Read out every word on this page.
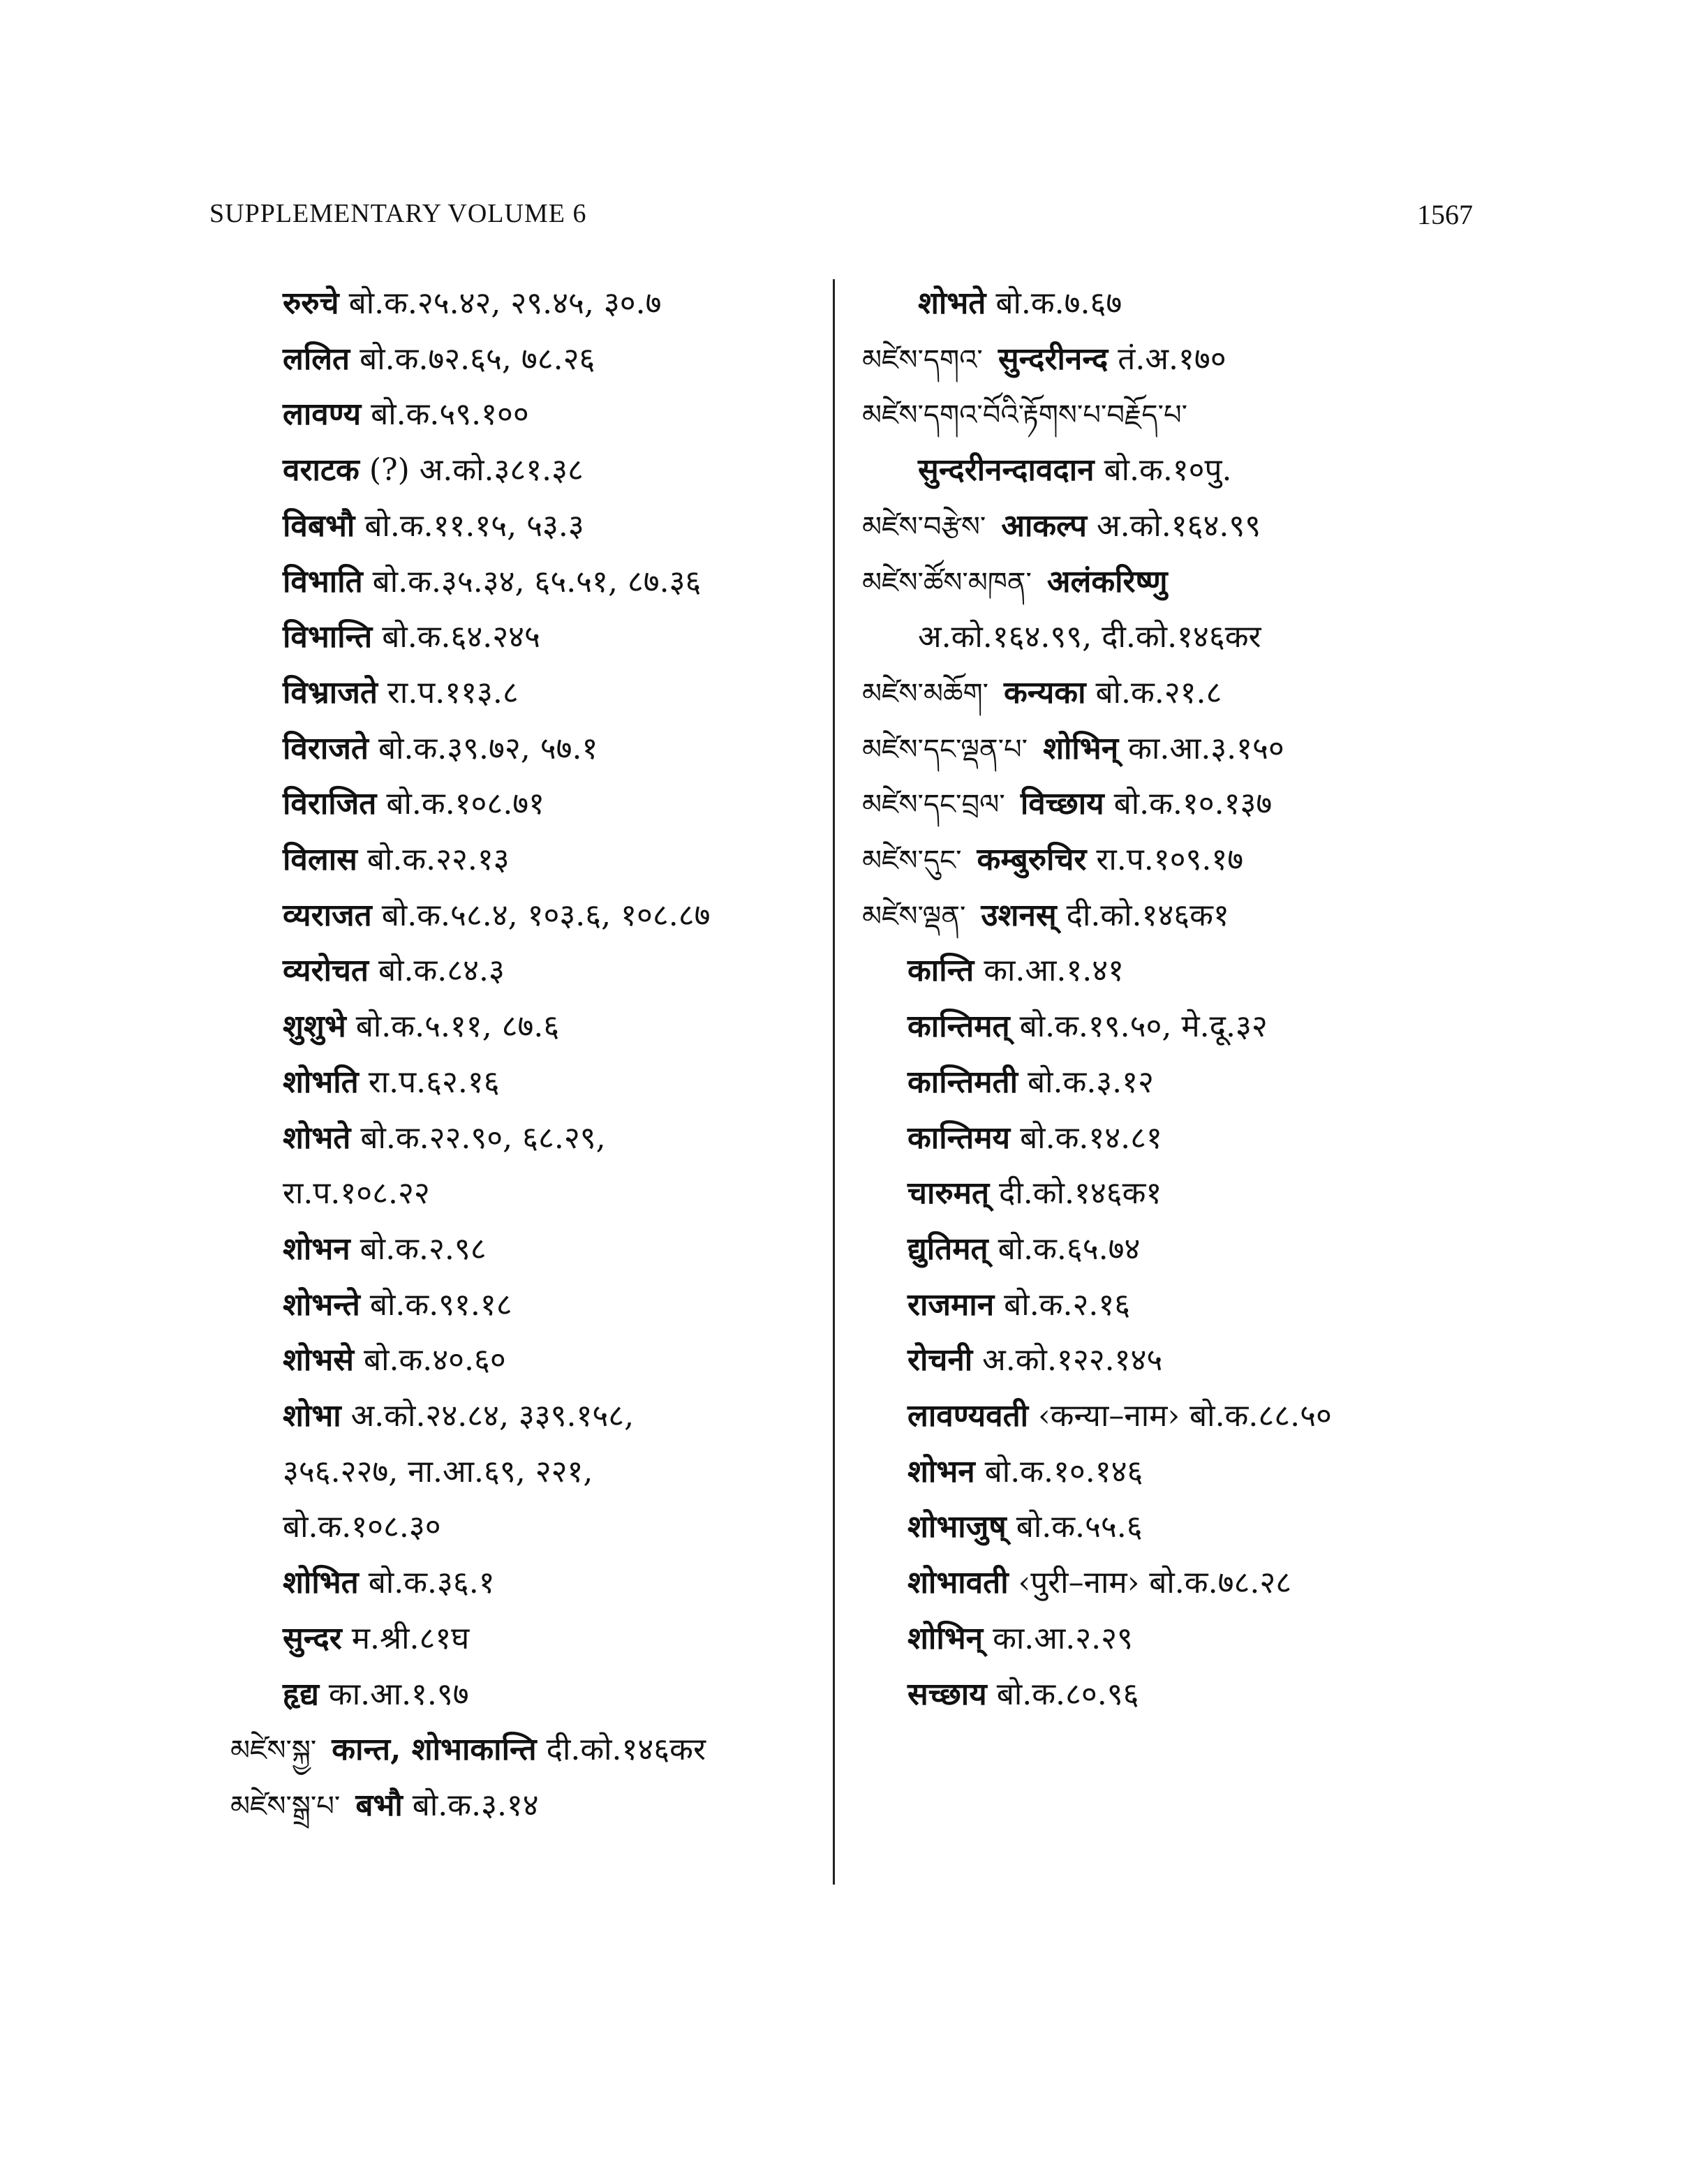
SUPPLEMENTARY VOLUME 6	1567
रुरुचे बो.क.२५.४२, २९.४५, ३०.७
ललित बो.क.७२.६५, ७८.२६
लावण्य बो.क.५९.१००
वराटक (?) अ.को.३८१.३८
विबभौ बो.क.११.१५, ५३.३
विभाति बो.क.३५.३४, ६५.५१, ८७.३६
विभान्ति बो.क.६४.२४५
विभ्राजते रा.प.११३.८
विराजते बो.क.३९.७२, ५७.१
विराजित बो.क.१०८.७१
विलास बो.क.२२.१३
व्यराजत बो.क.५८.४, १०३.६, १०८.८७
व्यरोचत बो.क.८४.३
शुशुभे बो.क.५.११, ८७.६
शोभति रा.प.६२.१६
शोभते बो.क.२२.९०, ६८.२९,
रा.प.१०८.२२
शोभन बो.क.२.९८
शोभन्ते बो.क.९१.१८
शोभसे बो.क.४०.६०
शोभा अ.को.२४.८४, ३३९.१५८,
३५६.२२७, ना.आ.६९, २२१,
बो.क.१०८.३०
शोभित बो.क.३६.१
सुन्दर म.श्री.८१घ
हृद्य का.आ.१.९७
མཛེས་སྐྱ་ कान्त, शोभाकान्ति दी.को.१४६कर
མཛེས་སྒྲ་པ་ बभौ बो.क.३.१४
शोभते बो.क.७.६७
མཛེས་དགའ་ सुन्दरीनन्द तं.अ.१७०
མཛེས་དགའ་བོའི་རྟོགས་པ་བརྗོད་པ་
सुन्दरीनन्दावदान बो.क.१०पु.
མཛེས་བརྩེས་ आकल्प अ.को.१६४.९९
མཛེས་ཚོས་མཁན་ अलंकरिष्णु
अ.को.१६४.९९, दी.को.१४६कर
མཛེས་མཆོག་ कन्यका बो.क.२१.८
མཛེས་དང་ལྡན་པ་ शोभिन् का.आ.३.१५०
མཛེས་དང་བྲལ་ विच्छाय बो.क.१०.१३७
མཛེས་དུང་ कम्बुरुचिर रा.प.१०९.१७
མཛེས་ལྡན་ उशनस् दी.को.१४६क१
कान्ति का.आ.१.४१
कान्तिमत् बो.क.१९.५०, मे.दू.३२
कान्तिमती बो.क.३.१२
कान्तिमय बो.क.१४.८१
चारुमत् दी.को.१४६क१
द्युतिमत् बो.क.६५.७४
राजमान बो.क.२.१६
रोचनी अ.को.१२२.१४५
लावण्यवती ‹कन्या–नाम› बो.क.८८.५०
शोभन बो.क.१०.१४६
शोभाजुष् बो.क.५५.६
शोभावती ‹पुरी–नाम› बो.क.७८.२८
शोभिन् का.आ.२.२९
सच्छाय बो.क.८०.९६
